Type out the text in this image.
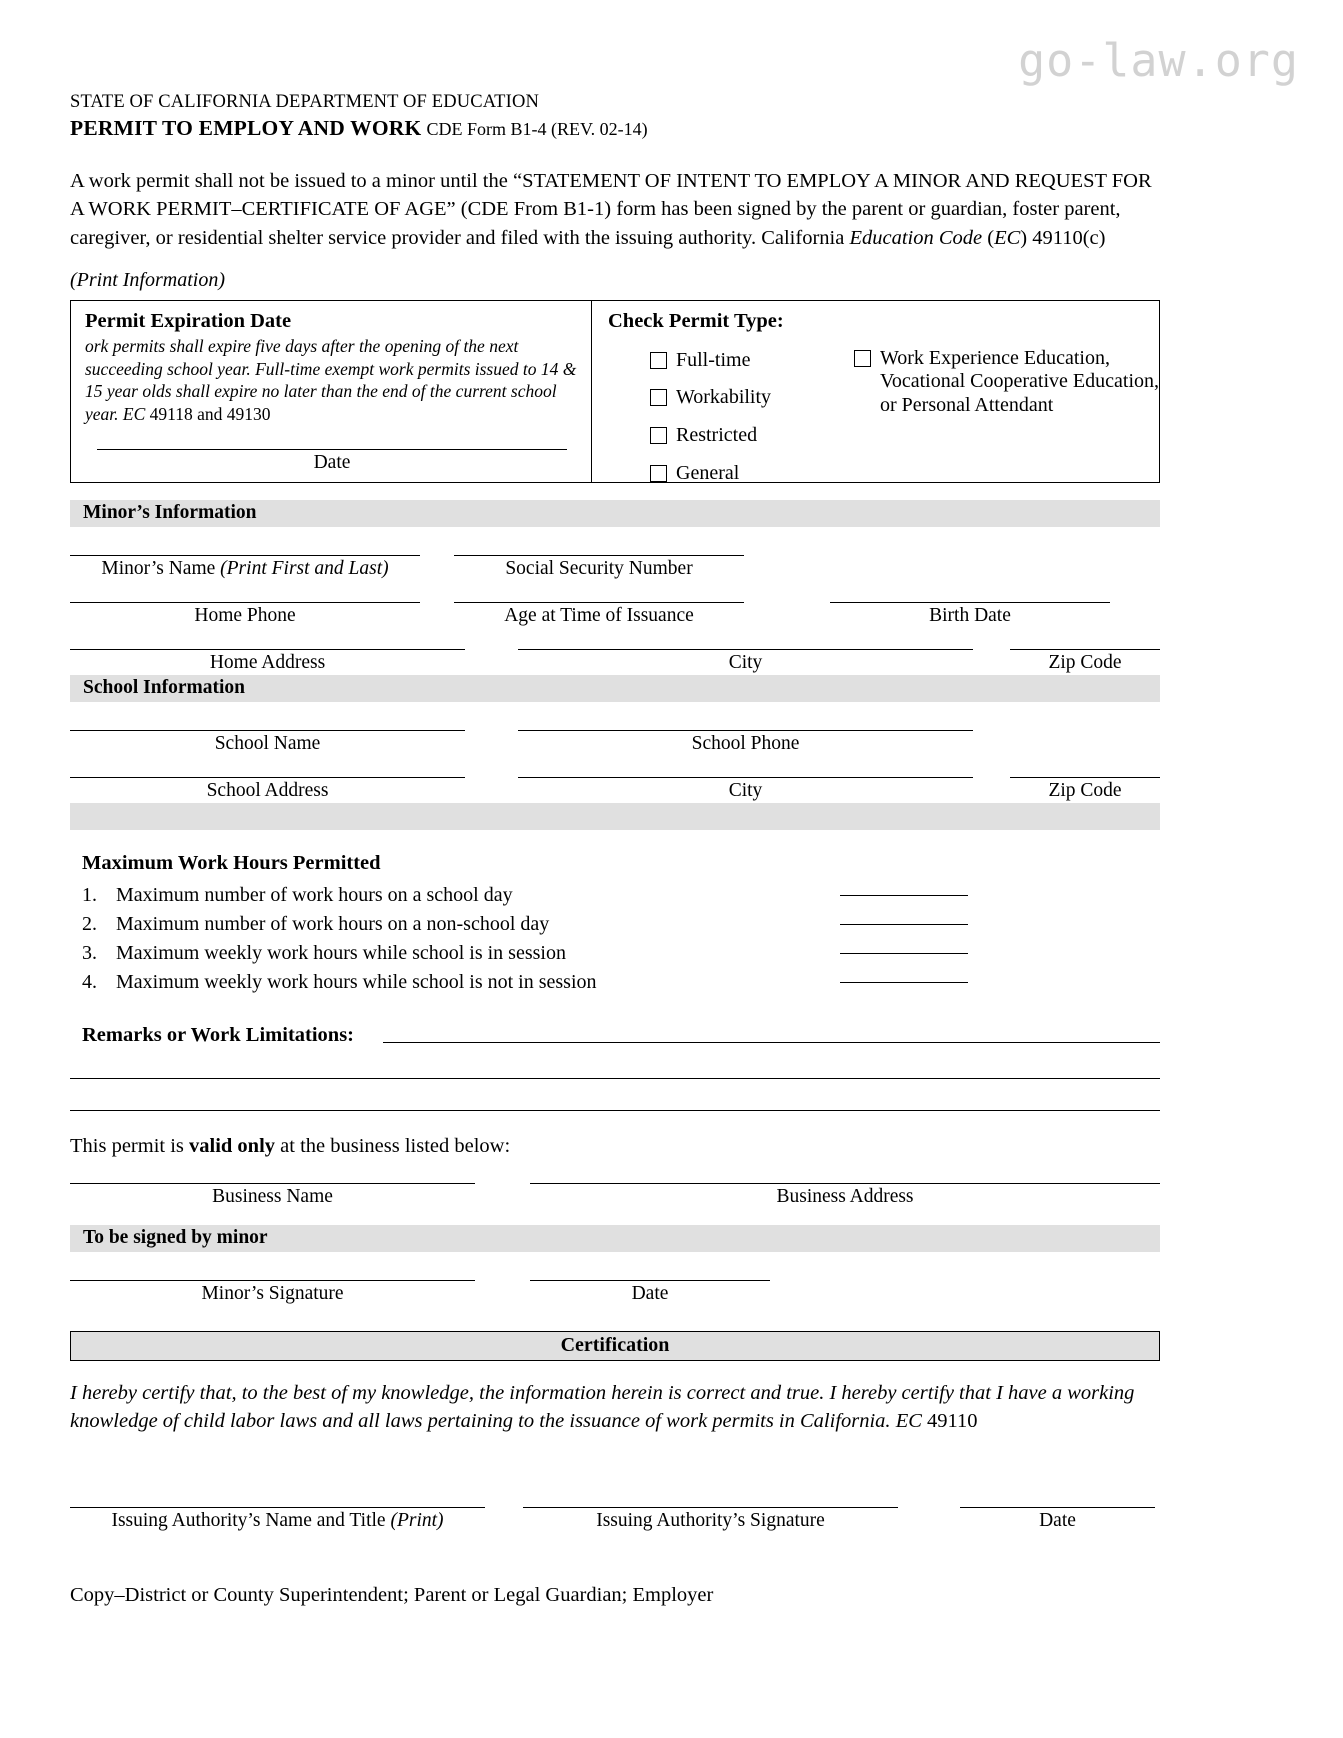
go-law.org
STATE OF CALIFORNIA DEPARTMENT OF EDUCATION
PERMIT TO EMPLOY AND WORK CDE Form B1-4 (REV. 02-14)
A work permit shall not be issued to a minor until the “STATEMENT OF INTENT TO EMPLOY A MINOR AND REQUEST FOR A WORK PERMIT–CERTIFICATE OF AGE” (CDE From B1-1) form has been signed by the parent or guardian, foster parent, caregiver, or residential shelter service provider and filed with the issuing authority. California Education Code (EC) 49110(c)
(Print Information)
Permit Expiration Date
ork permits shall expire five days after the opening of the next succeeding school year. Full-time exempt work permits issued to 14 & 15 year olds shall expire no later than the end of the current school year. EC 49118 and 49130
Date
Check Permit Type:
Full-time
Workability
Restricted
General
Work Experience Education, Vocational Cooperative Education, or Personal Attendant
Minor’s Information
Minor’s Name (Print First and Last)	Social Security Number
Home Phone	Age at Time of Issuance	Birth Date
Home Address	City	Zip Code
School Information
School Name	School Phone
School Address	City	Zip Code
Maximum Work Hours Permitted
1. Maximum number of work hours on a school day
2. Maximum number of work hours on a non-school day
3. Maximum weekly work hours while school is in session
4. Maximum weekly work hours while school is not in session
Remarks or Work Limitations:
This permit is valid only at the business listed below:
Business Name	Business Address
To be signed by minor
Minor’s Signature	Date
Certification
I hereby certify that, to the best of my knowledge, the information herein is correct and true. I hereby certify that I have a working knowledge of child labor laws and all laws pertaining to the issuance of work permits in California. EC 49110
Issuing Authority’s Name and Title (Print)	Issuing Authority’s Signature	Date
Copy–District or County Superintendent; Parent or Legal Guardian; Employer
